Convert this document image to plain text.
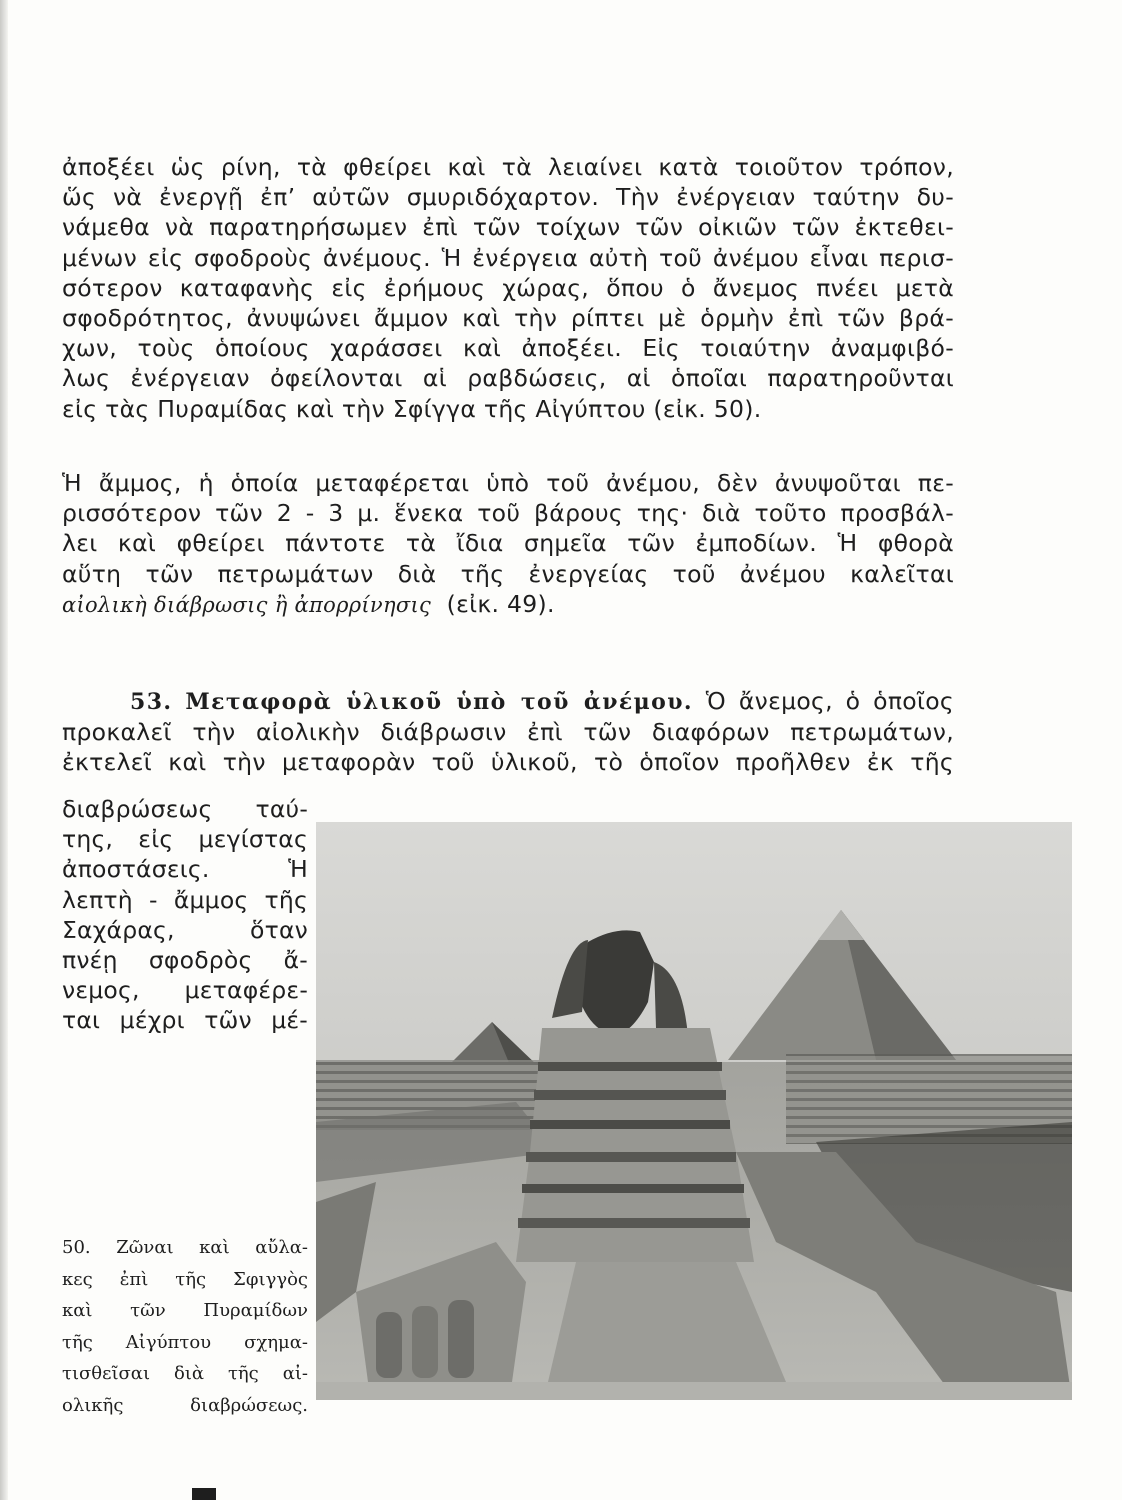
ἀποξέει ὡς ρίνη, τὰ φθείρει καὶ τὰ λειαίνει κατὰ τοιοῦτον τρόπον,
ὥς νὰ ἐνεργῇ ἐπ’ αὐτῶν σμυριδόχαρτον. Τὴν ἐνέργειαν ταύτην δυ-
νάμεθα νὰ παρατηρήσωμεν ἐπὶ τῶν τοίχων τῶν οἰκιῶν τῶν ἐκτεθει-
μένων εἰς σφοδροὺς ἀνέμους. Ἡ ἐνέργεια αὐτὴ τοῦ ἀνέμου εἶναι περισ-
σότερον καταφανὴς εἰς ἐρήμους χώρας, ὅπου ὁ ἄνεμος πνέει μετὰ
σφοδρότητος, ἀνυψώνει ἄμμον καὶ τὴν ρίπτει μὲ ὁρμὴν ἐπὶ τῶν βρά-
χων, τοὺς ὁποίους χαράσσει καὶ ἀποξέει. Εἰς τοιαύτην ἀναμφιβό-
λως ἐνέργειαν ὀφείλονται αἱ ραβδώσεις, αἱ ὁποῖαι παρατηροῦνται
εἰς τὰς Πυραμίδας καὶ τὴν Σφίγγα τῆς Αἰγύπτου (εἰκ. 50).
Ἡ ἄμμος, ἡ ὁποία μεταφέρεται ὑπὸ τοῦ ἀνέμου, δὲν ἀνυψοῦται πε-
ρισσότερον τῶν 2 - 3 μ. ἕνεκα τοῦ βάρους της· διὰ τοῦτο προσβάλ-
λει καὶ φθείρει πάντοτε τὰ ἴδια σημεῖα τῶν ἐμποδίων. Ἡ φθορὰ
αὕτη τῶν πετρωμάτων διὰ τῆς ἐνεργείας τοῦ ἀνέμου καλεῖται
αἰολικὴ διάβρωσις ἢ ἀπορρίνησις (εἰκ. 49).
53. Μεταφορὰ ὑλικοῦ ὑπὸ τοῦ ἀνέμου. Ὁ ἄνεμος, ὁ ὁποῖος
προκαλεῖ τὴν αἰολικὴν διάβρωσιν ἐπὶ τῶν διαφόρων πετρωμάτων,
ἐκτελεῖ καὶ τὴν μεταφορὰν τοῦ ὑλικοῦ, τὸ ὁποῖον προῆλθεν ἐκ τῆς
διαβρώσεως ταύ-
της, εἰς μεγίστας
ἀποστάσεις. Ἡ
λεπτὴ - ἄμμος τῆς
Σαχάρας, ὅταν
πνέῃ σφοδρὸς ἄ-
νεμος, μεταφέρε-
ται μέχρι τῶν μέ-
50. Ζῶναι καὶ αὔλα-
κες ἐπὶ τῆς Σφιγγὸς
καὶ τῶν Πυραμίδων
τῆς Αἰγύπτου σχημα-
τισθεῖσαι διὰ τῆς αἰ-
ολικῆς διαβρώσεως.
